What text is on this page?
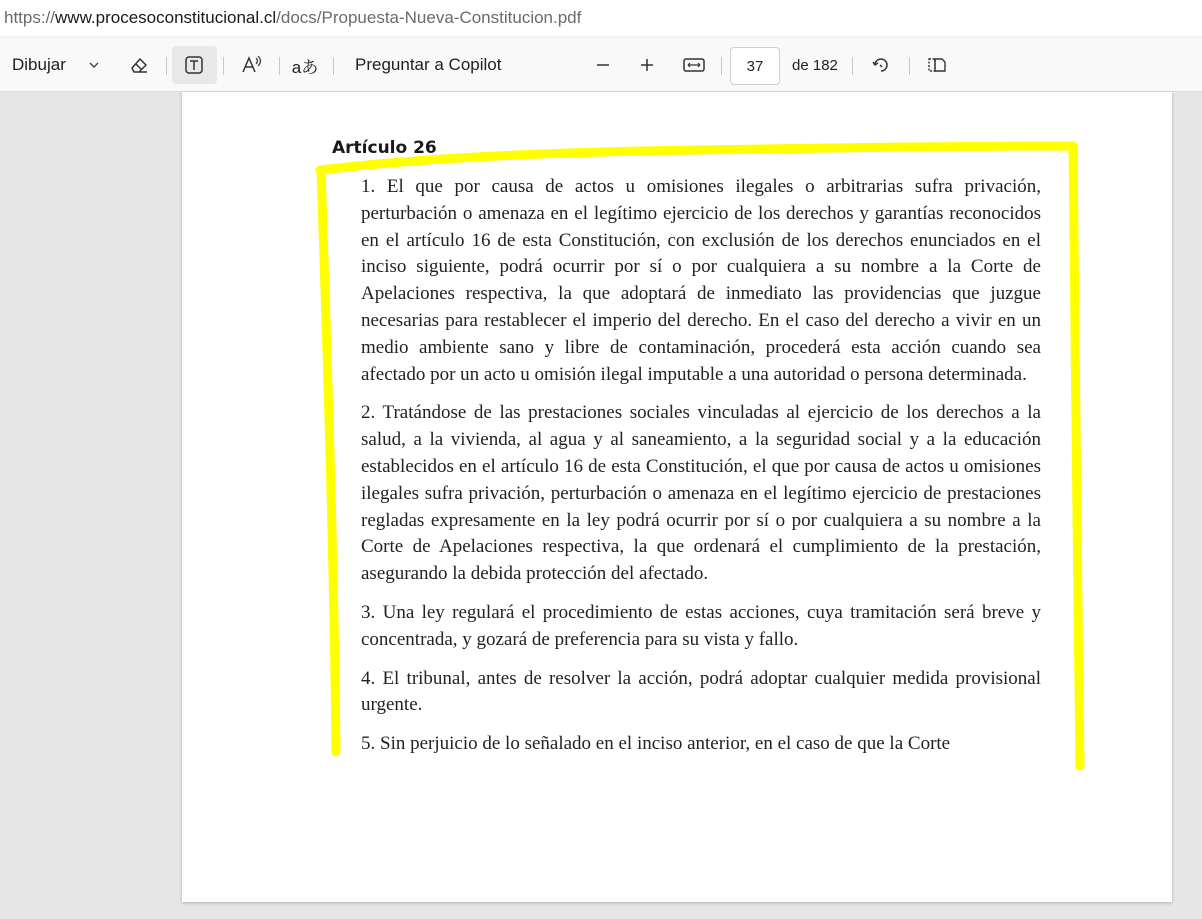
https://www.procesoconstitucional.cl/docs/Propuesta-Nueva-Constitucion.pdf
Dibujar	aあ Preguntar a Copilot	37	de 182
Artículo 26

1. El que por causa de actos u omisiones ilegales o arbitrarias sufra privación, perturbación o amenaza en el legítimo ejercicio de los derechos y garantías reconocidos en el artículo 16 de esta Constitución, con exclusión de los derechos enunciados en el inciso siguiente, podrá ocurrir por sí o por cualquiera a su nombre a la Corte de Apelaciones respectiva, la que adoptará de inmediato las providencias que juzgue necesarias para restablecer el imperio del derecho. En el caso del derecho a vivir en un medio ambiente sano y libre de contaminación, procederá esta acción cuando sea afectado por un acto u omisión ilegal imputable a una autoridad o persona determinada.

2. Tratándose de las prestaciones sociales vinculadas al ejercicio de los derechos a la salud, a la vivienda, al agua y al saneamiento, a la seguridad social y a la educación establecidos en el artículo 16 de esta Constitución, el que por causa de actos u omisiones ilegales sufra privación, perturbación o amenaza en el legítimo ejercicio de prestaciones regladas expresamente en la ley podrá ocurrir por sí o por cualquiera a su nombre a la Corte de Apelaciones respectiva, la que ordenará el cumplimiento de la prestación, asegurando la debida protección del afectado.

3. Una ley regulará el procedimiento de estas acciones, cuya tramitación será breve y concentrada, y gozará de preferencia para su vista y fallo.

4. El tribunal, antes de resolver la acción, podrá adoptar cualquier medida provisional urgente.

5. Sin perjuicio de lo señalado en el inciso anterior, en el caso de que la Corte
